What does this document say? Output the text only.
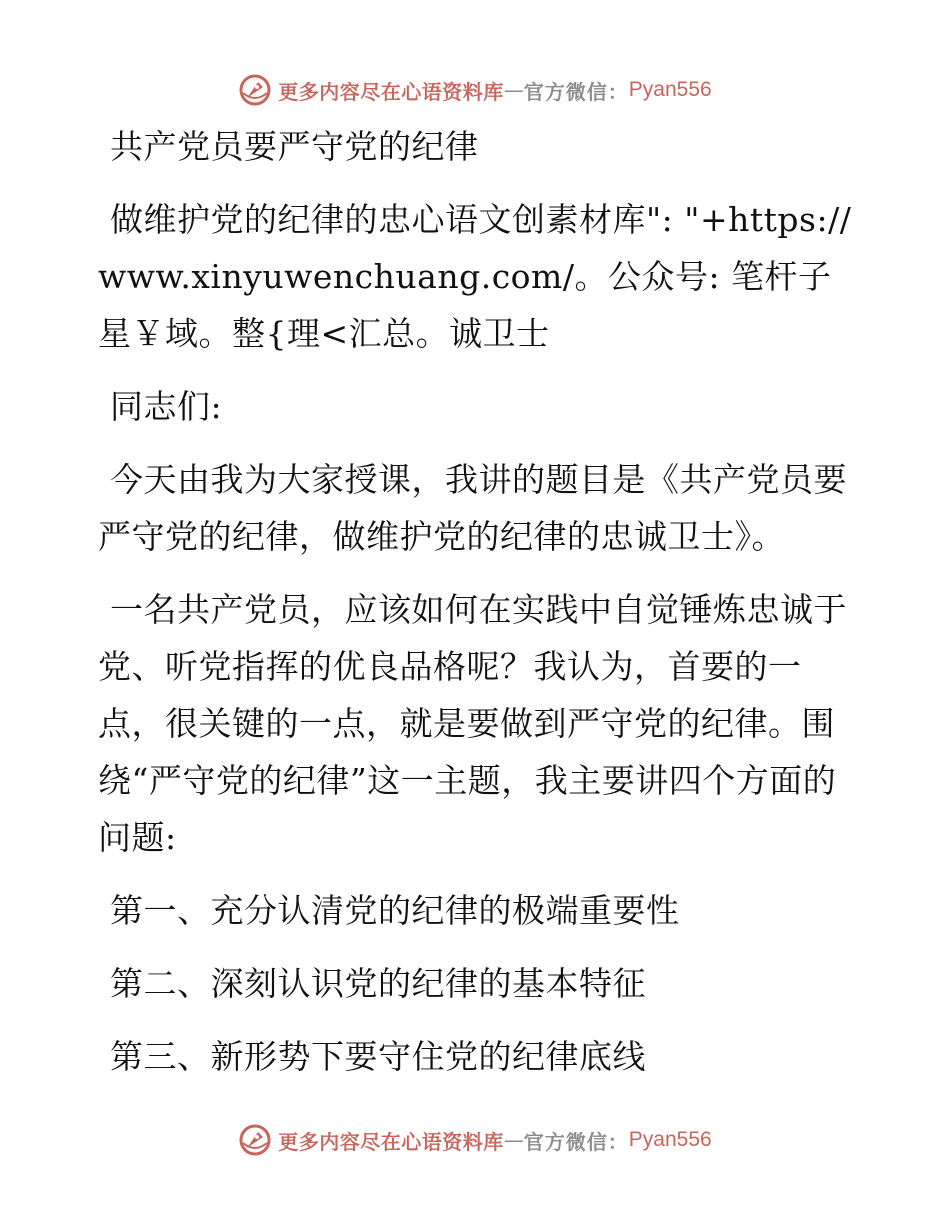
更多内容尽在心语资料库 — 官方微信： Pyan556

共产党员要严守党的纪律

做维护党的纪律的忠心语文创素材库": "+https://www.xinyuwenchuang.com/。公众号: 笔杆子星￥域。整{理<汇总。诚卫士

同志们:

今天由我为大家授课，我讲的题目是《共产党员要严守党的纪律，做维护党的纪律的忠诚卫士》。

一名共产党员，应该如何在实践中自觉锤炼忠诚于党、听党指挥的优良品格呢？我认为，首要的一点，很关键的一点，就是要做到严守党的纪律。围绕“严守党的纪律”这一主题，我主要讲四个方面的问题:

第一、充分认清党的纪律的极端重要性

第二、深刻认识党的纪律的基本特征

第三、新形势下要守住党的纪律底线

更多内容尽在心语资料库 — 官方微信： Pyan556
